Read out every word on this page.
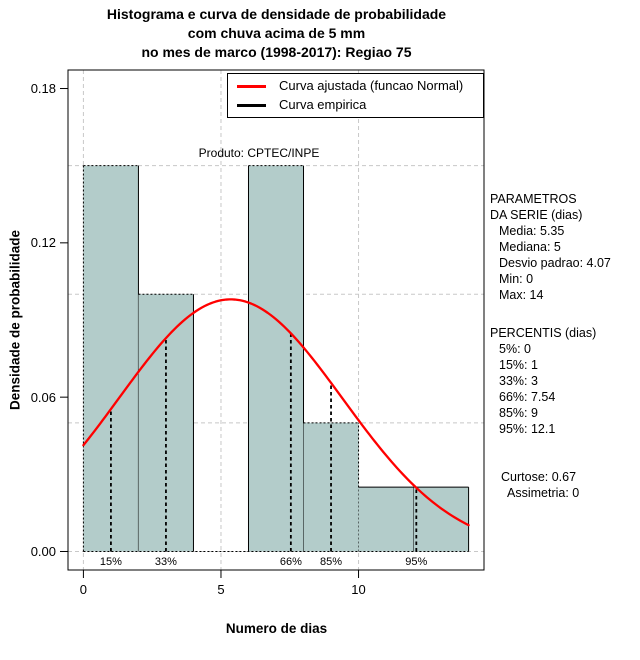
Histograma e curva de densidade de probabilidade
com chuva acima de 5 mm
no mes de marco (1998-2017): Regiao 75
Curva ajustada (funcao Normal)
Curva empirica
Produto: CPTEC/INPE
Densidade de probabilidade
Numero de dias
PARAMETROS
DA SERIE (dias)
Media: 5.35
Mediana: 5
Desvio padrao: 4.07
Min: 0
Max: 14
PERCENTIS (dias)
5%: 0
15%: 1
33%: 3
66%: 7.54
85%: 9
95%: 12.1
Curtose: 0.67
Assimetria: 0
0.00
0.06
0.12
0.18
0	5	10
15%	33%	66%	85%	95%
